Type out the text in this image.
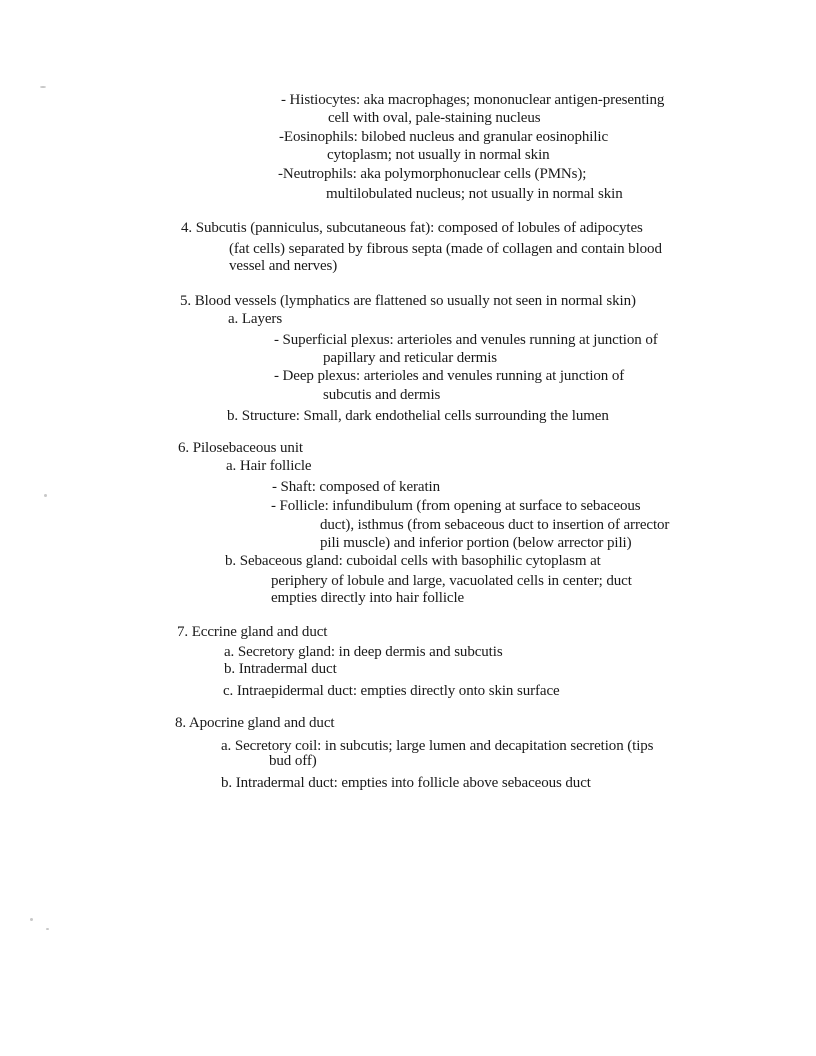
- Histiocytes: aka macrophages; mononuclear antigen-presenting
cell with oval, pale-staining nucleus
-Eosinophils: bilobed nucleus and granular eosinophilic
cytoplasm; not usually in normal skin
-Neutrophils: aka polymorphonuclear cells (PMNs);
multilobulated nucleus; not usually in normal skin
4. Subcutis (panniculus, subcutaneous fat): composed of lobules of adipocytes
(fat cells) separated by fibrous septa (made of collagen and contain blood
vessel and nerves)
5. Blood vessels (lymphatics are flattened so usually not seen in normal skin)
a. Layers
- Superficial plexus: arterioles and venules running at junction of
papillary and reticular dermis
- Deep plexus: arterioles and venules running at junction of
subcutis and dermis
b. Structure: Small, dark endothelial cells surrounding the lumen
6. Pilosebaceous unit
a. Hair follicle
- Shaft: composed of keratin
- Follicle: infundibulum (from opening at surface to sebaceous
duct), isthmus (from sebaceous duct to insertion of arrector
pili muscle) and inferior portion (below arrector pili)
b. Sebaceous gland: cuboidal cells with basophilic cytoplasm at
periphery of lobule and large, vacuolated cells in center; duct
empties directly into hair follicle
7. Eccrine gland and duct
a. Secretory gland: in deep dermis and subcutis
b. Intradermal duct
c. Intraepidermal duct: empties directly onto skin surface
8. Apocrine gland and duct
a. Secretory coil: in subcutis; large lumen and decapitation secretion (tips
bud off)
b. Intradermal duct: empties into follicle above sebaceous duct
